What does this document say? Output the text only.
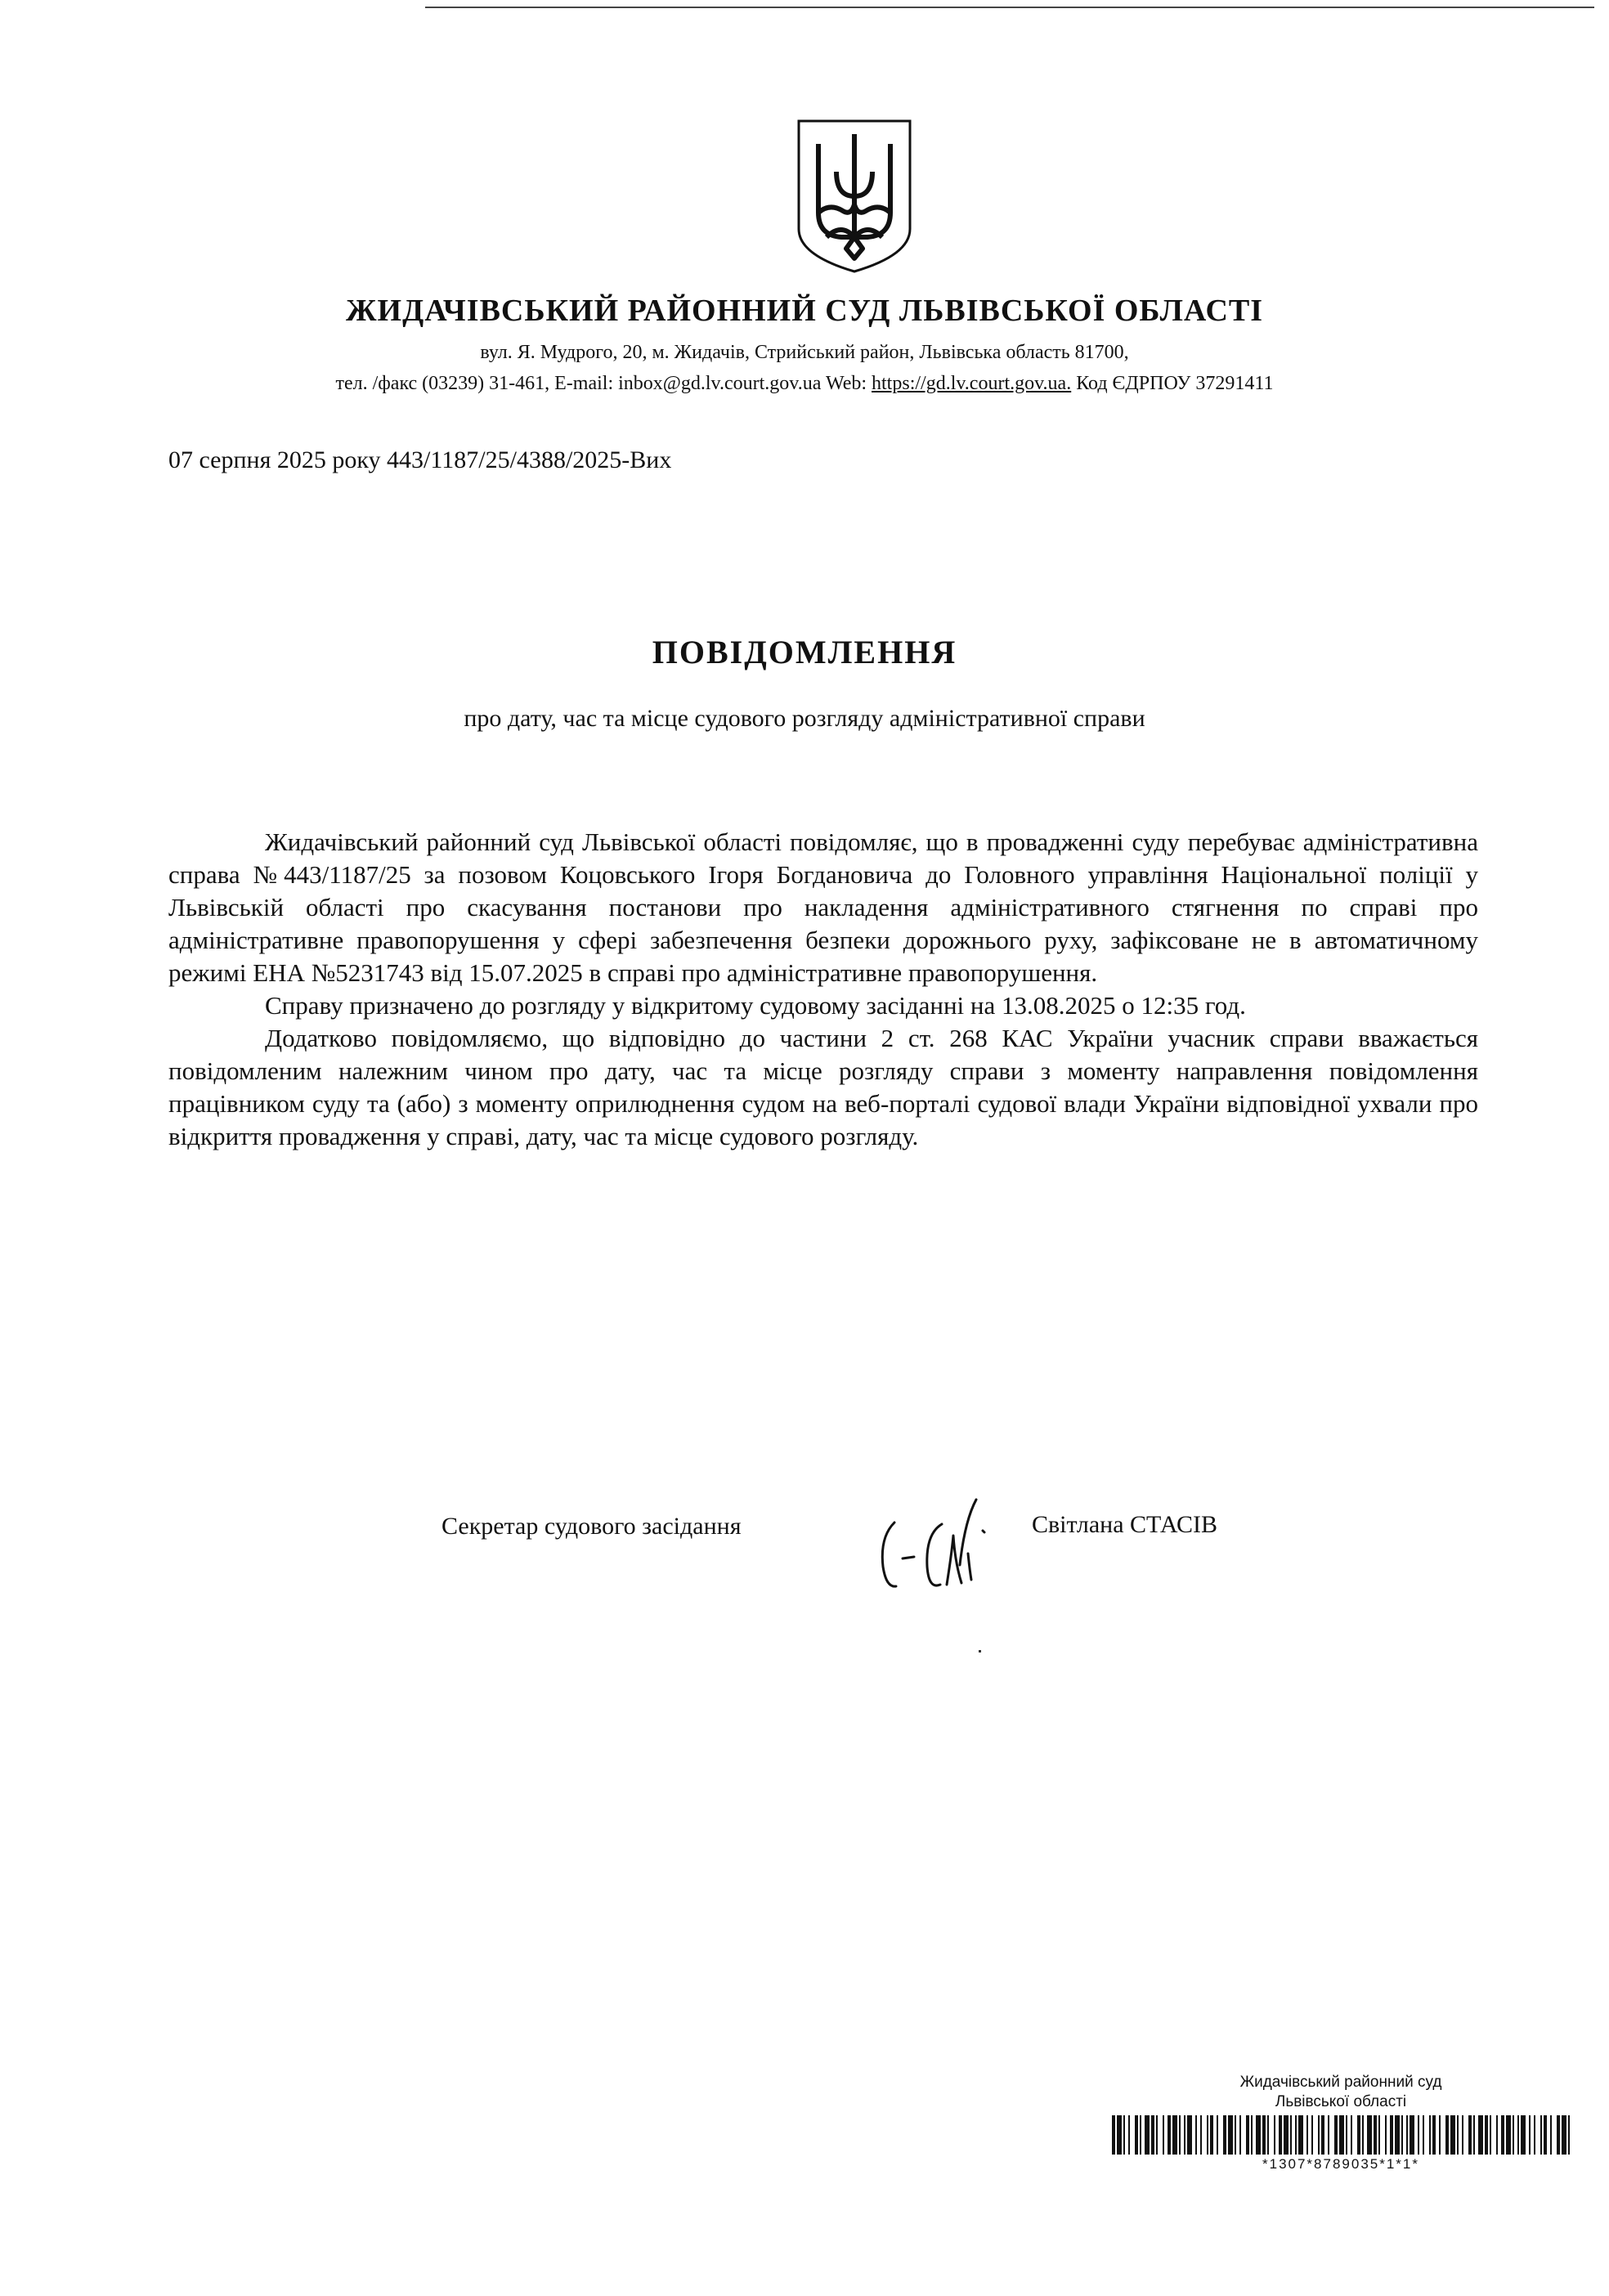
ЖИДАЧІВСЬКИЙ РАЙОННИЙ СУД ЛЬВІВСЬКОЇ ОБЛАСТІ
вул. Я. Мудрого, 20, м. Жидачів, Стрийський район, Львівська область 81700,
тел. /факс (03239) 31-461, E-mail: inbox@gd.lv.court.gov.ua Web: https://gd.lv.court.gov.ua. Код ЄДРПОУ 37291411
07 серпня 2025 року 443/1187/25/4388/2025-Вих
ПОВІДОМЛЕННЯ
про дату, час та місце судового розгляду адміністративної справи

Жидачівський районний суд Львівської області повідомляє, що в провадженні суду перебуває адміністративна справа №443/1187/25 за позовом Коцовського Ігоря Богдановича до Головного управління Національної поліції у Львівській області про скасування постанови про накладення адміністративного стягнення по справі про адміністративне правопорушення у сфері забезпечення безпеки дорожнього руху, зафіксоване не в автоматичному режимі ЕНА №5231743 від 15.07.2025 в справі про адміністративне правопорушення.

Справу призначено до розгляду у відкритому судовому засіданні на 13.08.2025 о 12:35 год.

Додатково повідомляємо, що відповідно до частини 2 ст. 268 КАС України учасник справи вважається повідомленим належним чином про дату, час та місце розгляду справи з моменту направлення повідомлення працівником суду та (або) з моменту оприлюднення судом на веб-порталі судової влади України відповідної ухвали про відкриття провадження у справі, дату, час та місце судового розгляду.

Секретар судового засідання	Світлана СТАСІВ
Жидачівський районний суд
Львівської області
*1307*8789035*1*1*
